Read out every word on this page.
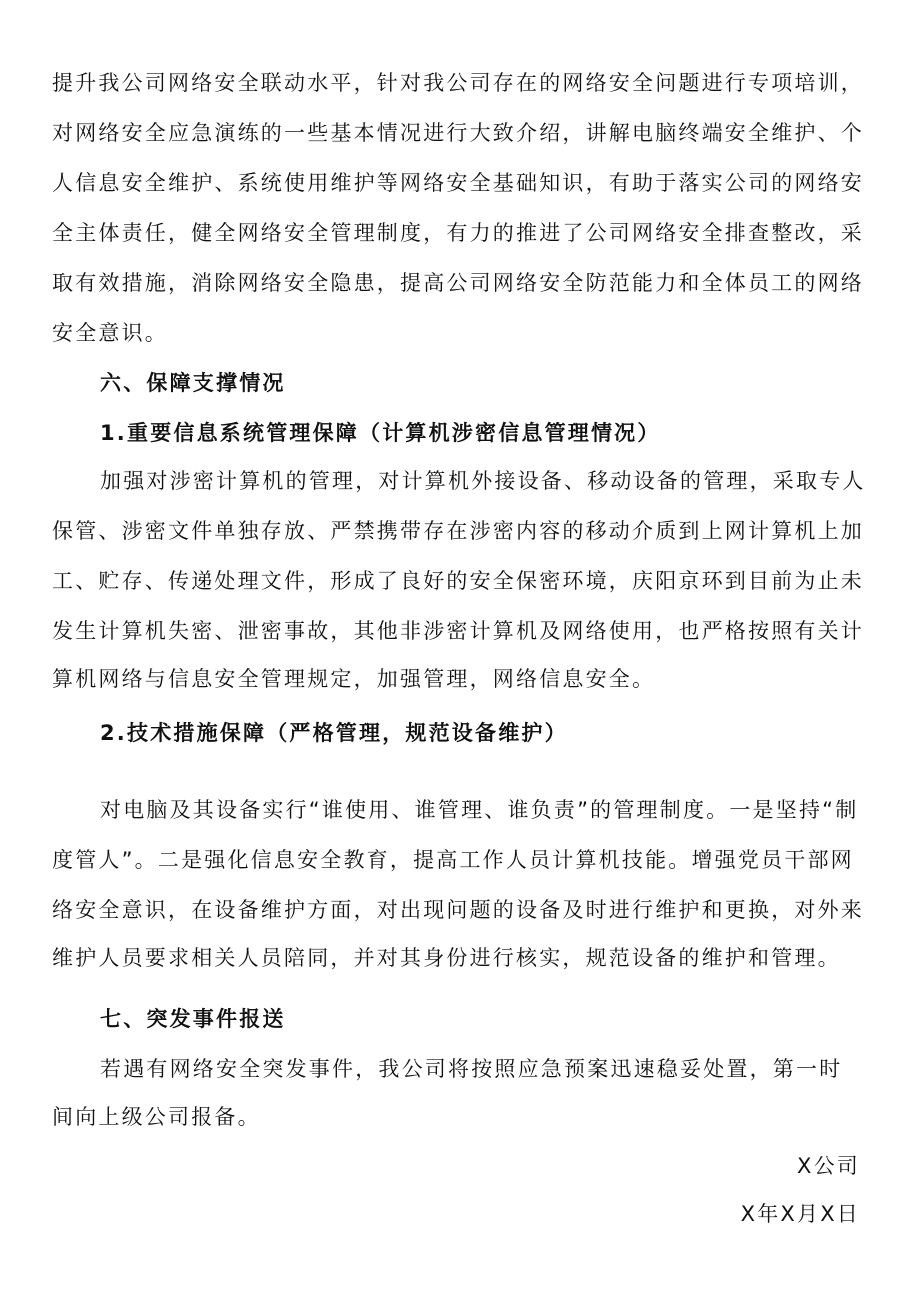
提升我公司网络安全联动水平，针对我公司存在的网络安全问题进行专项培训，
对网络安全应急演练的一些基本情况进行大致介绍，讲解电脑终端安全维护、个
人信息安全维护、系统使用维护等网络安全基础知识，有助于落实公司的网络安
全主体责任，健全网络安全管理制度，有力的推进了公司网络安全排查整改，采
取有效措施，消除网络安全隐患，提高公司网络安全防范能力和全体员工的网络
安全意识。
六、保障支撑情况
1.重要信息系统管理保障（计算机涉密信息管理情况）
加强对涉密计算机的管理，对计算机外接设备、移动设备的管理，采取专人
保管、涉密文件单独存放、严禁携带存在涉密内容的移动介质到上网计算机上加
工、贮存、传递处理文件，形成了良好的安全保密环境，庆阳京环到目前为止未
发生计算机失密、泄密事故，其他非涉密计算机及网络使用，也严格按照有关计
算机网络与信息安全管理规定，加强管理，网络信息安全。
2.技术措施保障（严格管理，规范设备维护）
对电脑及其设备实行“谁使用、谁管理、谁负责”的管理制度。一是坚持“制
度管人”。二是强化信息安全教育，提高工作人员计算机技能。增强党员干部网
络安全意识，在设备维护方面，对出现问题的设备及时进行维护和更换，对外来
维护人员要求相关人员陪同，并对其身份进行核实，规范设备的维护和管理。
七、突发事件报送
若遇有网络安全突发事件，我公司将按照应急预案迅速稳妥处置，第一时
间向上级公司报备。
X公司
X年X月X日
